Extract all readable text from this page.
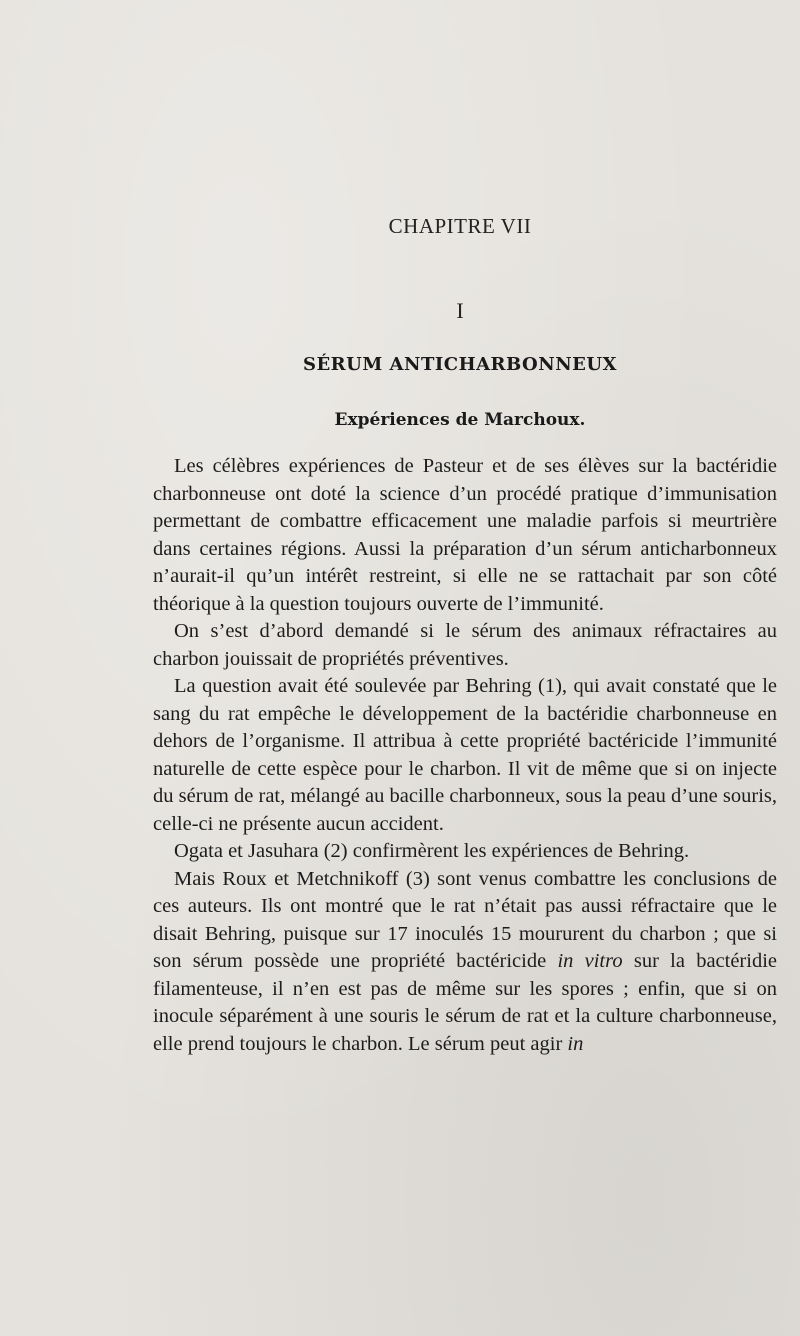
CHAPITRE VII
I
SÉRUM ANTICHARBONNEUX
Expériences de Marchoux.

Les célèbres expériences de Pasteur et de ses élèves sur la bactéridie charbonneuse ont doté la science d’un procédé pratique d’immunisation permettant de combattre efficacement une maladie parfois si meurtrière dans certaines régions. Aussi la préparation d’un sérum anticharbonneux n’aurait-il qu’un intérêt restreint, si elle ne se rattachait par son côté théorique à la question toujours ouverte de l’immunité.

On s’est d’abord demandé si le sérum des animaux réfractaires au charbon jouissait de propriétés préventives.

La question avait été soulevée par Behring (1), qui avait constaté que le sang du rat empêche le développement de la bactéridie charbonneuse en dehors de l’organisme. Il attribua à cette propriété bactéricide l’immunité naturelle de cette espèce pour le charbon. Il vit de même que si on injecte du sérum de rat, mélangé au bacille charbonneux, sous la peau d’une souris, celle-ci ne présente aucun accident.

Ogata et Jasuhara (2) confirmèrent les expériences de Behring.

Mais Roux et Metchnikoff (3) sont venus combattre les conclusions de ces auteurs. Ils ont montré que le rat n’était pas aussi réfractaire que le disait Behring, puisque sur 17 inoculés 15 moururent du charbon ; que si son sérum possède une propriété bactéricide in vitro sur la bactéridie filamenteuse, il n’en est pas de même sur les spores ; enfin, que si on inocule séparément à une souris le sérum de rat et la culture charbonneuse, elle prend toujours le charbon. Le sérum peut agir in
